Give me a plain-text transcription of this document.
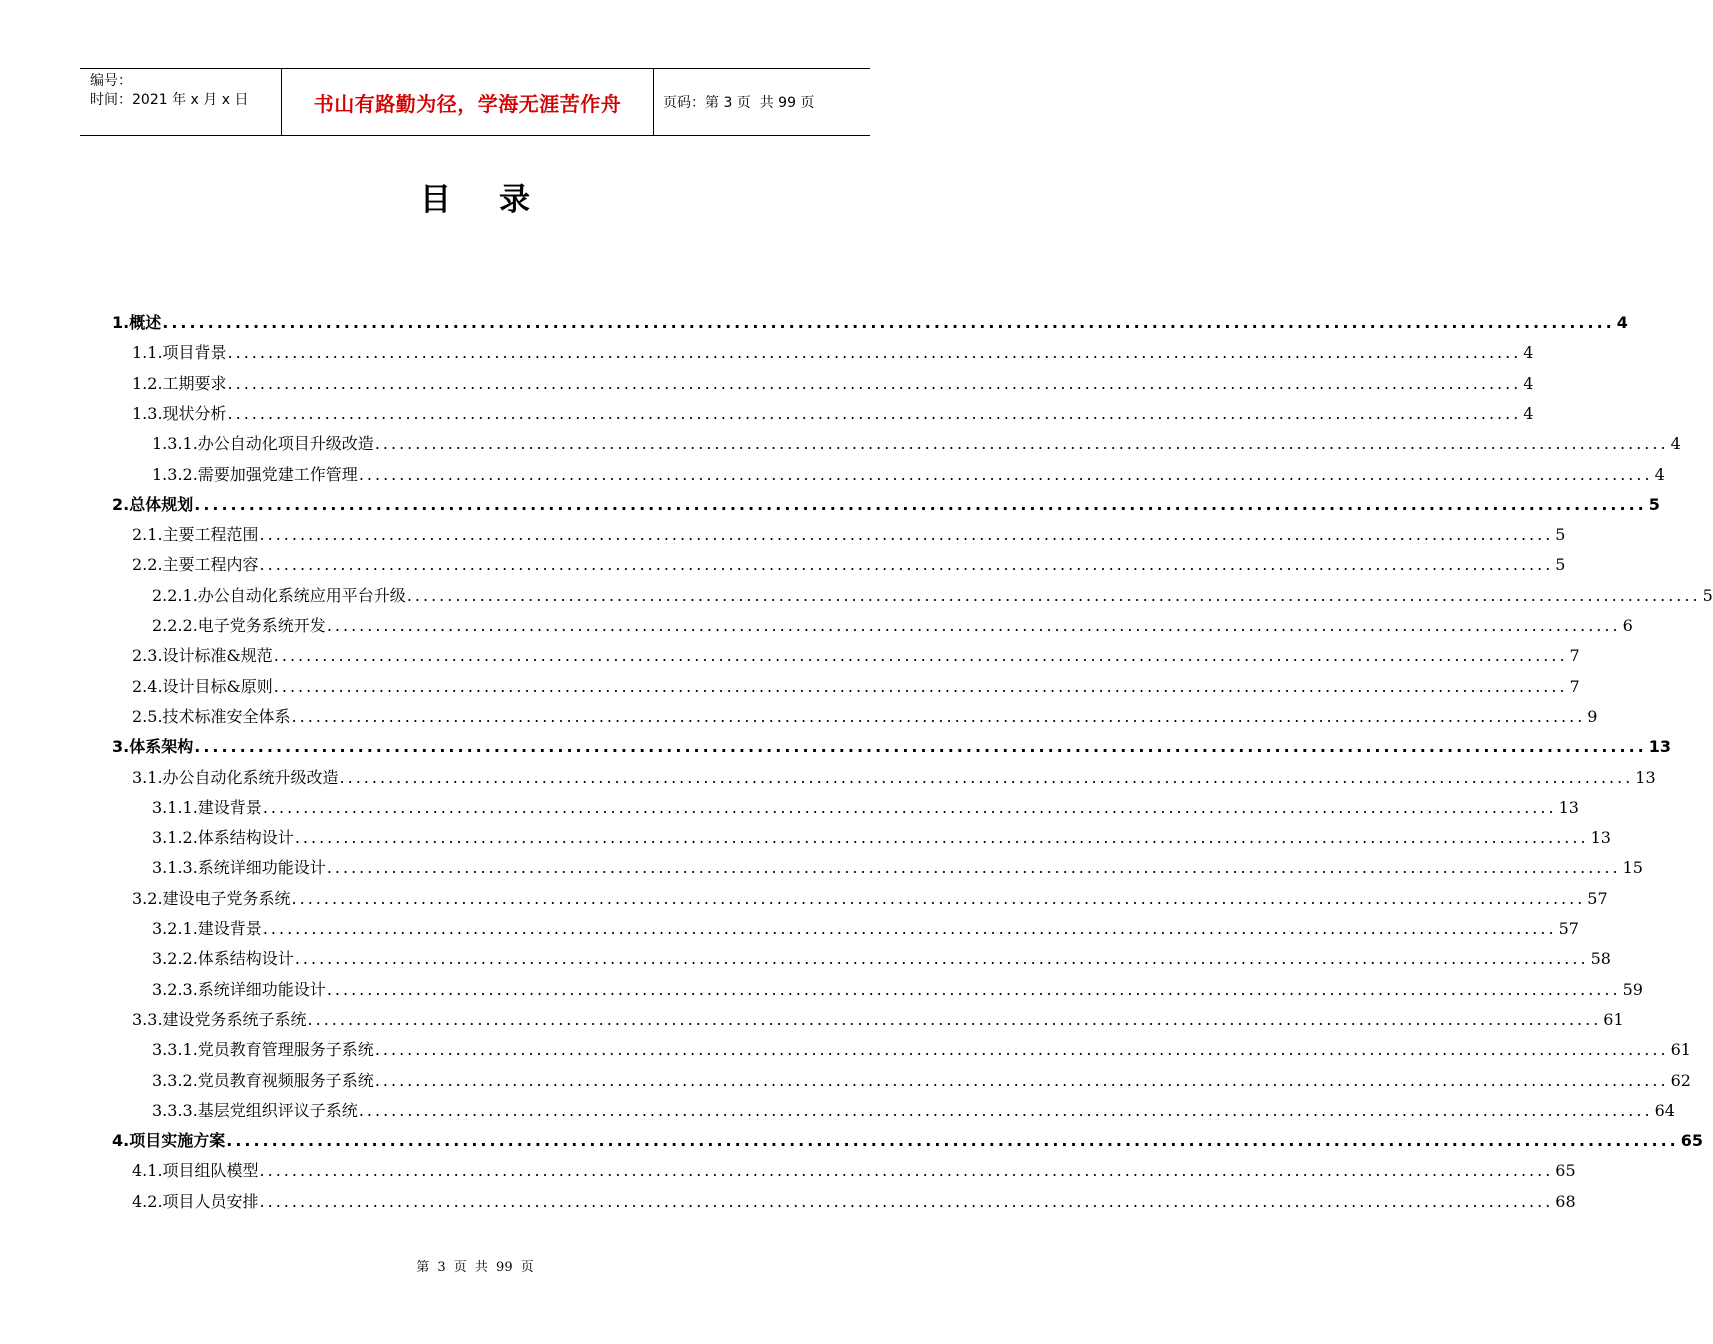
编号：
时间：2021 年 x 月 x 日	书山有路勤为径，学海无涯苦作舟	页码：第 3 页  共 99 页
目录
1. 概述 ................................................................................................................................................................ 4
1.1. 项目背景 ................................................................................................................................................................ 4
1.2. 工期要求 ................................................................................................................................................................ 4
1.3. 现状分析 ................................................................................................................................................................ 4
1.3.1. 办公自动化项目升级改造 ................................................................................................................................................................ 4
1.3.2. 需要加强党建工作管理 ................................................................................................................................................................ 4
2. 总体规划 ................................................................................................................................................................ 5
2.1. 主要工程范围 ................................................................................................................................................................ 5
2.2. 主要工程内容 ................................................................................................................................................................ 5
2.2.1. 办公自动化系统应用平台升级 ................................................................................................................................................................ 5
2.2.2. 电子党务系统开发 ................................................................................................................................................................ 6
2.3. 设计标准&规范 ................................................................................................................................................................ 7
2.4. 设计目标&原则 ................................................................................................................................................................ 7
2.5. 技术标准安全体系 ................................................................................................................................................................ 9
3. 体系架构 ................................................................................................................................................................ 13
3.1. 办公自动化系统升级改造 ................................................................................................................................................................ 13
3.1.1. 建设背景 ................................................................................................................................................................ 13
3.1.2. 体系结构设计 ................................................................................................................................................................ 13
3.1.3. 系统详细功能设计 ................................................................................................................................................................ 15
3.2. 建设电子党务系统 ................................................................................................................................................................ 57
3.2.1. 建设背景 ................................................................................................................................................................ 57
3.2.2. 体系结构设计 ................................................................................................................................................................ 58
3.2.3. 系统详细功能设计 ................................................................................................................................................................ 59
3.3. 建设党务系统子系统 ................................................................................................................................................................ 61
3.3.1. 党员教育管理服务子系统 ................................................................................................................................................................ 61
3.3.2. 党员教育视频服务子系统 ................................................................................................................................................................ 62
3.3.3. 基层党组织评议子系统 ................................................................................................................................................................ 64
4. 项目实施方案 ................................................................................................................................................................ 65
4.1. 项目组队模型 ................................................................................................................................................................ 65
4.2. 项目人员安排 ................................................................................................................................................................ 68
第 3 页 共 99 页
